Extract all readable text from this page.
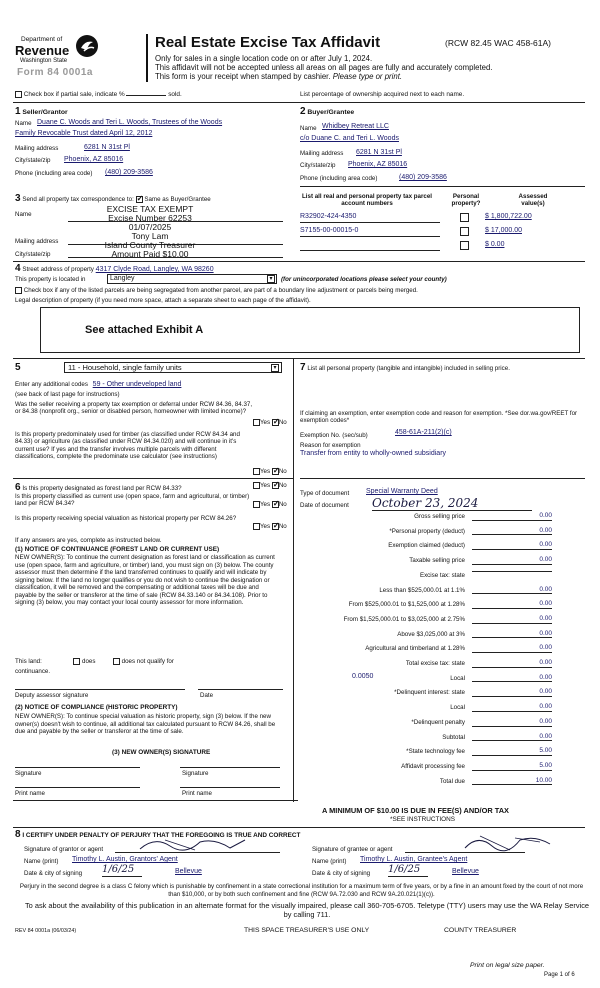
Department of
Revenue
Washington State
Form 84 0001a
Real Estate Excise Tax Affidavit	(RCW 82.45 WAC 458-61A)
Only for sales in a single location code on or after July 1, 2024.
This affidavit will not be accepted unless all areas on all pages are fully and accurately completed.
This form is your receipt when stamped by cashier. Please type or print.
Check box if partial sale, indicate %	sold.	List percentage of ownership acquired next to each name.
1 Seller/Grantor
Name Duane C. Woods and Teri L. Woods, Trustees of the Woods
Family Revocable Trust dated April 12, 2012
Mailing address	6281 N 31st Pl
City/state/zip Phoenix, AZ 85016
Phone (including area code) (480) 209-3586
2 Buyer/Grantee
Name Whidbey Retreat LLC
c/o Duane C. and Teri L. Woods
Mailing address 6281 N 31st Pl
City/state/zip Phoenix, AZ 85016
Phone (including area code)	(480) 209-3586
3 Send all property tax correspondence to: ✓ Same as Buyer/Grantee
Name
Mailing address
City/state/zip
EXCISE TAX EXEMPT
Excise Number 62253
01/07/2025
Tony Lam
Island County Treasurer
Amount Paid $10.00
List all real and personal property tax parcel account numbers
Personal property?
Assessed value(s)
R32902-424-4350	$ 1,800,722.00
S7155-00-00015-0	$ 17,000.00
$ 0.00
4 Street address of property 4317 Clyde Road, Langley, WA 98260
This property is located in	Langley	▾	(for unincorporated locations please select your county)
Check box if any of the listed parcels are being segregated from another parcel, are part of a boundary line adjustment or parcels being merged.
Legal description of property (if you need more space, attach a separate sheet to each page of the affidavit).
See attached Exhibit A
5	11 - Household, single family units	▾
Enter any additional codes 59 - Other undeveloped land
(see back of last page for instructions)
Was the seller receiving a property tax exemption or deferral under RCW 84.36, 84.37, or 84.38 (nonprofit org., senior or disabled person, homeowner with limited income)?
Yes ✓ No
Is this property predominately used for timber (as classified under RCW 84.34 and 84.33) or agriculture (as classified under RCW 84.34.020) and will continue in it's current use? If yes and the transfer involves multiple parcels with different classifications, complete the predominate use calculator (see instructions)
Yes ✓ No
6 Is this property designated as forest land per RCW 84.33?	Yes ✓ No
Is this property classified as current use (open space, farm and agricultural, or timber) land per RCW 84.34?	Yes ✓ No
Is this property receiving special valuation as historical property per RCW 84.26?
Yes ✓ No
If any answers are yes, complete as instructed below.
(1) NOTICE OF CONTINUANCE (FOREST LAND OR CURRENT USE)
NEW OWNER(S): To continue the current designation as forest land or classification as current use (open space, farm and agriculture, or timber) land, you must sign on (3) below. The county assessor must then determine if the land transferred continues to qualify and will indicate by signing below. If the land no longer qualifies or you do not wish to continue the designation or classification, it will be removed and the compensating or additional taxes will be due and payable by the seller or transferor at the time of sale (RCW 84.33.140 or 84.34.108). Prior to signing (3) below, you may contact your local county assessor for more information.
This land:	does	does not qualify for
continuance.
Deputy assessor signature	Date
(2) NOTICE OF COMPLIANCE (HISTORIC PROPERTY)
NEW OWNER(S): To continue special valuation as historic property, sign (3) below. If the new owner(s) doesn't wish to continue, all additional tax calculated pursuant to RCW 84.26, shall be due and payable by the seller or transferor at the time of sale.
(3) NEW OWNER(S) SIGNATURE
Signature	Signature
Print name	Print name
7 List all personal property (tangible and intangible) included in selling price.
If claiming an exemption, enter exemption code and reason for exemption. *See dor.wa.gov/REET for exemption codes*
Exemption No. (sec/sub)	458-61A-211(2)(c)
Reason for exemption
Transfer from entity to wholly-owned subsidiary
Type of document Special Warranty Deed
Date of document October 23, 2024
Gross selling price	0.00
*Personal property (deduct)	0.00
Exemption claimed (deduct)	0.00
Taxable selling price	0.00
Excise tax: state
Less than $525,000.01 at 1.1%	0.00
From $525,000.01 to $1,525,000 at 1.28%	0.00
From $1,525,000.01 to $3,025,000 at 2.75%	0.00
Above $3,025,000 at 3%	0.00
Agricultural and timberland at 1.28%	0.00
Total excise tax: state	0.00
Local	0.00
*Delinquent interest: state	0.00
Local	0.00
*Delinquent penalty	0.00
Subtotal	0.00
*State technology fee	5.00
Affidavit processing fee	5.00
Total due	10.00
0.0050
A MINIMUM OF $10.00 IS DUE IN FEE(S) AND/OR TAX
*SEE INSTRUCTIONS
8 I CERTIFY UNDER PENALTY OF PERJURY THAT THE FOREGOING IS TRUE AND CORRECT
Signature of grantor or agent
Name (print) Timothy L. Austin, Grantors' Agent
Date & city of signing 1/6/25	Bellevue
Signature of grantee or agent
Name (print) Timothy L. Austin, Grantee's Agent
Date & city of signing 1/6/25	Bellevue
Perjury in the second degree is a class C felony which is punishable by confinement in a state correctional institution for a maximum term of five years, or by a fine in an amount fixed by the court of not more than $10,000, or by both such confinement and fine (RCW 9A.72.030 and RCW 9A.20.021(1)(c)).
To ask about the availability of this publication in an alternate format for the visually impaired, please call 360-705-6705. Teletype (TTY) users may use the WA Relay Service by calling 711.
REV 84 0001a (06/03/24)	THIS SPACE TREASURER'S USE ONLY	COUNTY TREASURER
Print on legal size paper.
Page 1 of 6
